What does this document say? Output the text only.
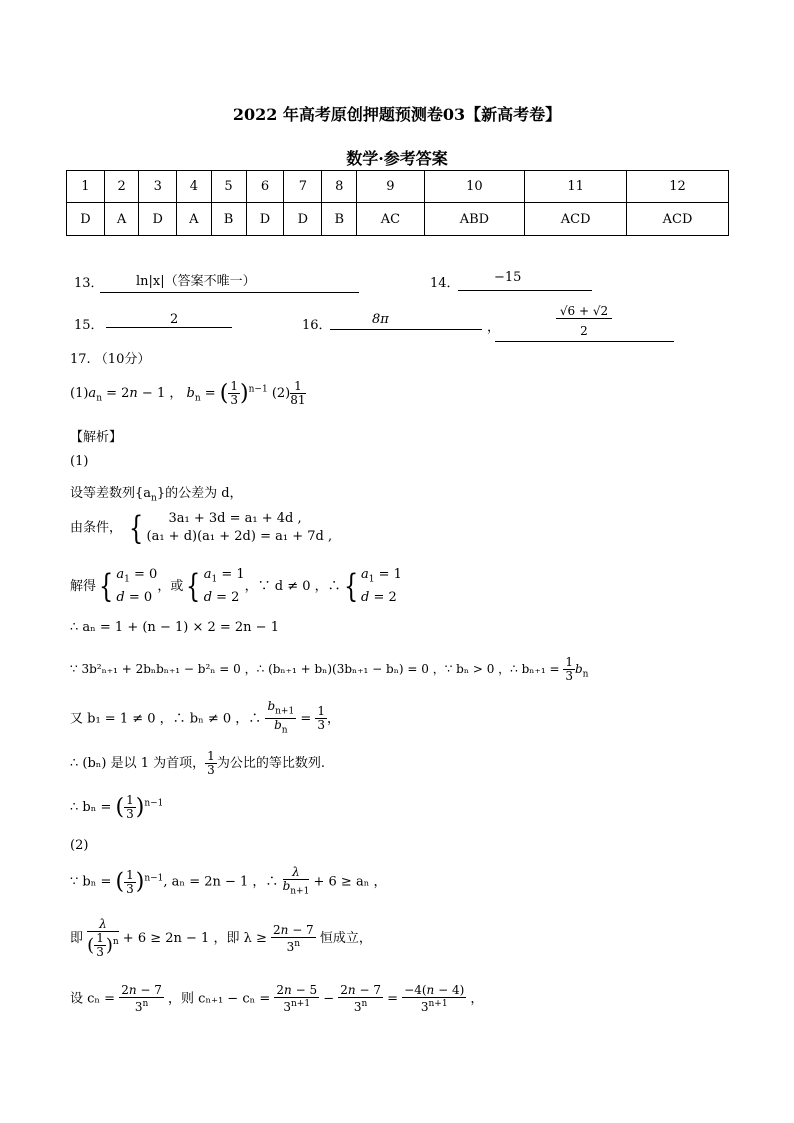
2022 年高考原创押题预测卷03【新高考卷】
数学·参考答案
1	2	3	4	5	6	7	8	9	10	11	12
D	A	D	A	B	D	D	B	AC	ABD	ACD	ACD
13． ln|x|（答案不唯一）	14．	−15
15．	2	16．	8π
，
√6 + √2
2
17. （10分）
$(1)a_n = 2n - 1$ ， $b_n$ = ( $\frac{1}{3} )^{n-1}$ $(2) \frac{1}{81}$
【解析】
(1)
设等差数列$\{a_n\}$的公差为 d，
由条件， {	3a₁ + 3d = a₁ + 4d ,
(a₁ + d)(a₁ + 2d) = a₁ + 7d ,
解得{ $a_1 = 0$
d = 0
，或{ $a_1 = 1$
d = 2
，∵ d ≠ 0 ，∴{ $a_1 = 1$
d = 2
∴ aₙ = 1 + (n − 1) × 2 = 2n − 1
∵ 3b²ₙ₊₁ + 2bₙbₙ₊₁ − b²ₙ = 0 ，∴ (bₙ₊₁ + bₙ)(3bₙ₊₁ − bₙ) = 0 ，∵ bₙ > 0 ，∴ $b_{n+1} = \frac{1}{3} b_n$
又 b₁ = 1 ≠ 0 ，∴ bₙ ≠ 0 ，∴ $\frac{b_{n+1}}{b_n} = \frac{1}{3}$ ，
∴ (bₙ) 是以 1 为首项， $\frac{1}{3}$ 为公比的等比数列.
∴ bₙ = ( $\frac{1}{3} )^{n-1}$
(2)
∵ bₙ = ( $\frac{1}{3} )^{n-1}$, aₙ = 2n − 1 ，∴ $\frac{\lambda}{b_{n+1}} + 6 \ge a_n$ ，
即 $\frac{\lambda}{( \frac{1}{3} )^n} + 6 \ge 2n - 1$ ，即 $\lambda \ge \frac{2n - 7}{3^n}$ 恒成立，
设 $c_n = \frac{2n - 7}{3^n}$ ，则 $c_{n+1} - c_n = \frac{2n - 5}{3^{n+1}} - \frac{2n - 7}{3^n} = \frac{-4(n - 4)}{3^{n+1}}$ ，
